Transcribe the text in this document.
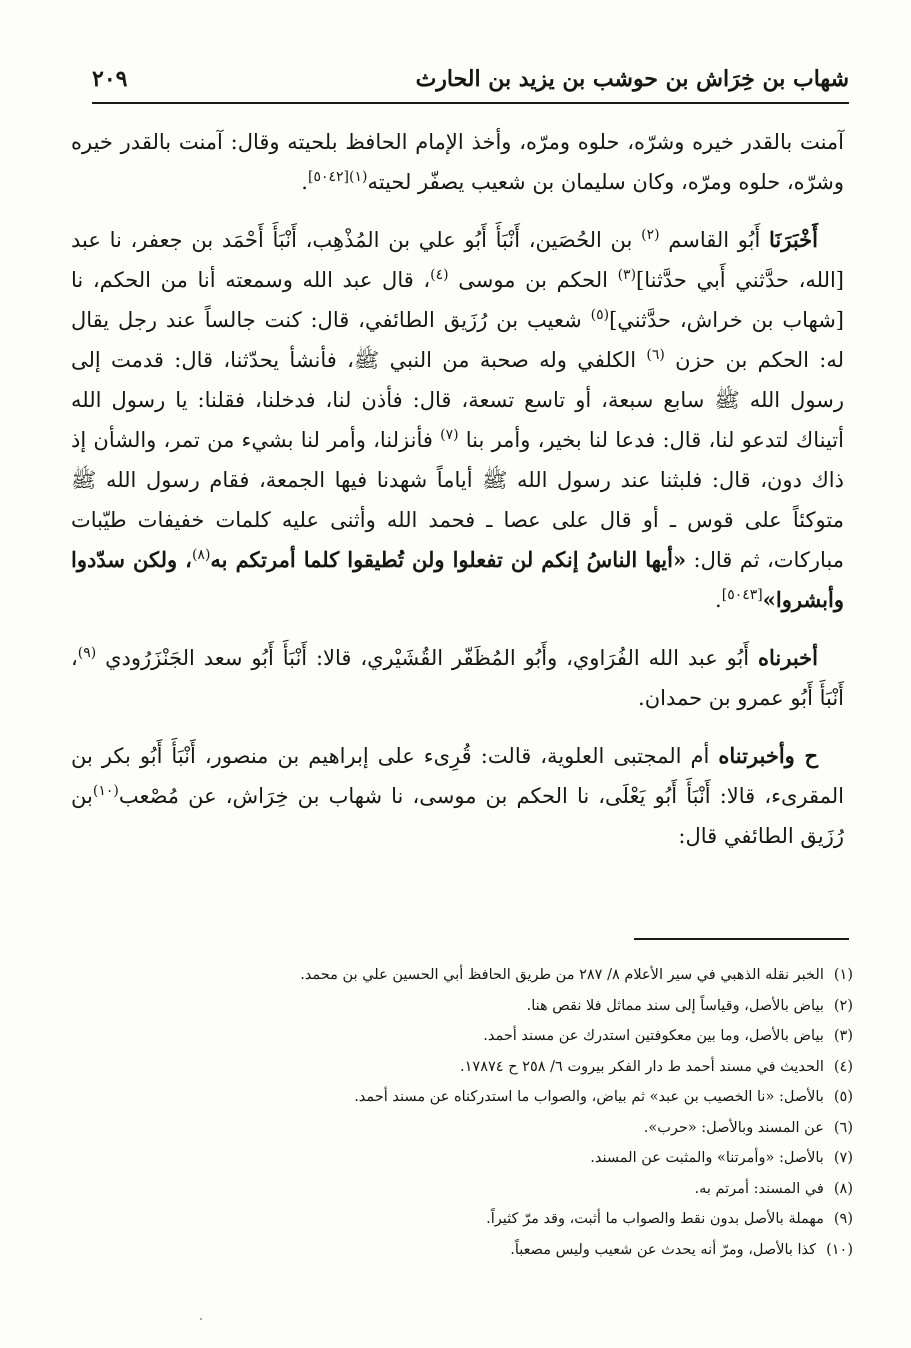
شهاب بن خِرَاش بن حوشب بن يزيد بن الحارث
٢٠٩

آمنت بالقدر خيره وشرّه، حلوه ومرّه، وأخذ الإمام الحافظ بلحيته وقال: آمنت بالقدر خيره وشرّه، حلوه ومرّه، وكان سليمان بن شعيب يصفّر لحيته$^{(١)[٥٠٤٢]}$.

أَخْبَرَنَا أَبُو القاسم $^{(٢)}$ بن الحُصَين، أَنْبَأَ أَبُو علي بن المُذْهِب، أَنْبَأَ أَحْمَد بن جعفر، نا عبد [الله، حدَّثني أَبي حدَّثنا]$^{(٣)}$ الحكم بن موسى $^{(٤)}$، قال عبد الله وسمعته أنا من الحكم، نا [شهاب بن خراش، حدَّثني]$^{(٥)}$ شعيب بن رُزَيق الطائفي، قال: كنت جالساً عند رجل يقال له: الحكم بن حزن $^{(٦)}$ الكلفي وله صحبة من النبي ﷺ، فأنشأ يحدّثنا، قال: قدمت إلى رسول الله ﷺ سابع سبعة، أو تاسع تسعة، قال: فأذن لنا، فدخلنا، فقلنا: يا رسول الله أتيناك لتدعو لنا، قال: فدعا لنا بخير، وأمر بنا $^{(٧)}$ فأنزلنا، وأمر لنا بشيء من تمر، والشأن إذ ذاك دون، قال: فلبثنا عند رسول الله ﷺ أياماً شهدنا فيها الجمعة، فقام رسول الله ﷺ متوكئاً على قوس ـ أو قال على عصا ـ فحمد الله وأثنى عليه كلمات خفيفات طيّبات مباركات، ثم قال: «أيها الناسُ إنكم لن تفعلوا ولن تُطيقوا كلما أمرتكم به$^{(٨)}$، ولكن سدّدوا وأبشروا»[٥٠٤٣].

أخبرناه أَبُو عبد الله الفُرَاوي، وأَبُو المُظَفّر القُشَيْري، قالا: أَنْبَأَ أَبُو سعد الجَنْزَرُودي $^{(٩)}$، أَنْبَأَ أَبُو عمرو بن حمدان.

ح وأخبرتناه أم المجتبى العلوية، قالت: قُرِىء على إبراهيم بن منصور، أَنْبَأَ أَبُو بكر بن المقرىء، قالا: أَنْبَأَ أَبُو يَعْلَى، نا الحكم بن موسى، نا شهاب بن خِرَاش، عن مُصْعب$^{(١٠)}$بن رُزَيق الطائفي قال:

(١)الخبر نقله الذهبي في سير الأعلام ٨/ ٢٨٧ من طريق الحافظ أبي الحسين علي بن محمد.
(٢)بياض بالأصل، وقياساً إلى سند مماثل فلا نقص هنا.
(٣)بياض بالأصل، وما بين معكوفتين استدرك عن مسند أحمد.
(٤)الحديث في مسند أحمد ط دار الفكر بيروت ٦/ ٢٥٨ ح ١٧٨٧٤.
(٥)بالأصل: «نا الخصيب بن عبد» ثم بياض، والصواب ما استدركناه عن مسند أحمد.
(٦)عن المسند وبالأصل: «حرب».
(٧)بالأصل: «وأمرتنا» والمثبت عن المسند.
(٨)في المسند: أمرتم به.
(٩)مهملة بالأصل بدون نقط والصواب ما أثبت، وقد مرّ كثيراً.
(١٠)كذا بالأصل، ومرّ أنه يحدث عن شعيب وليس مصعباً.
